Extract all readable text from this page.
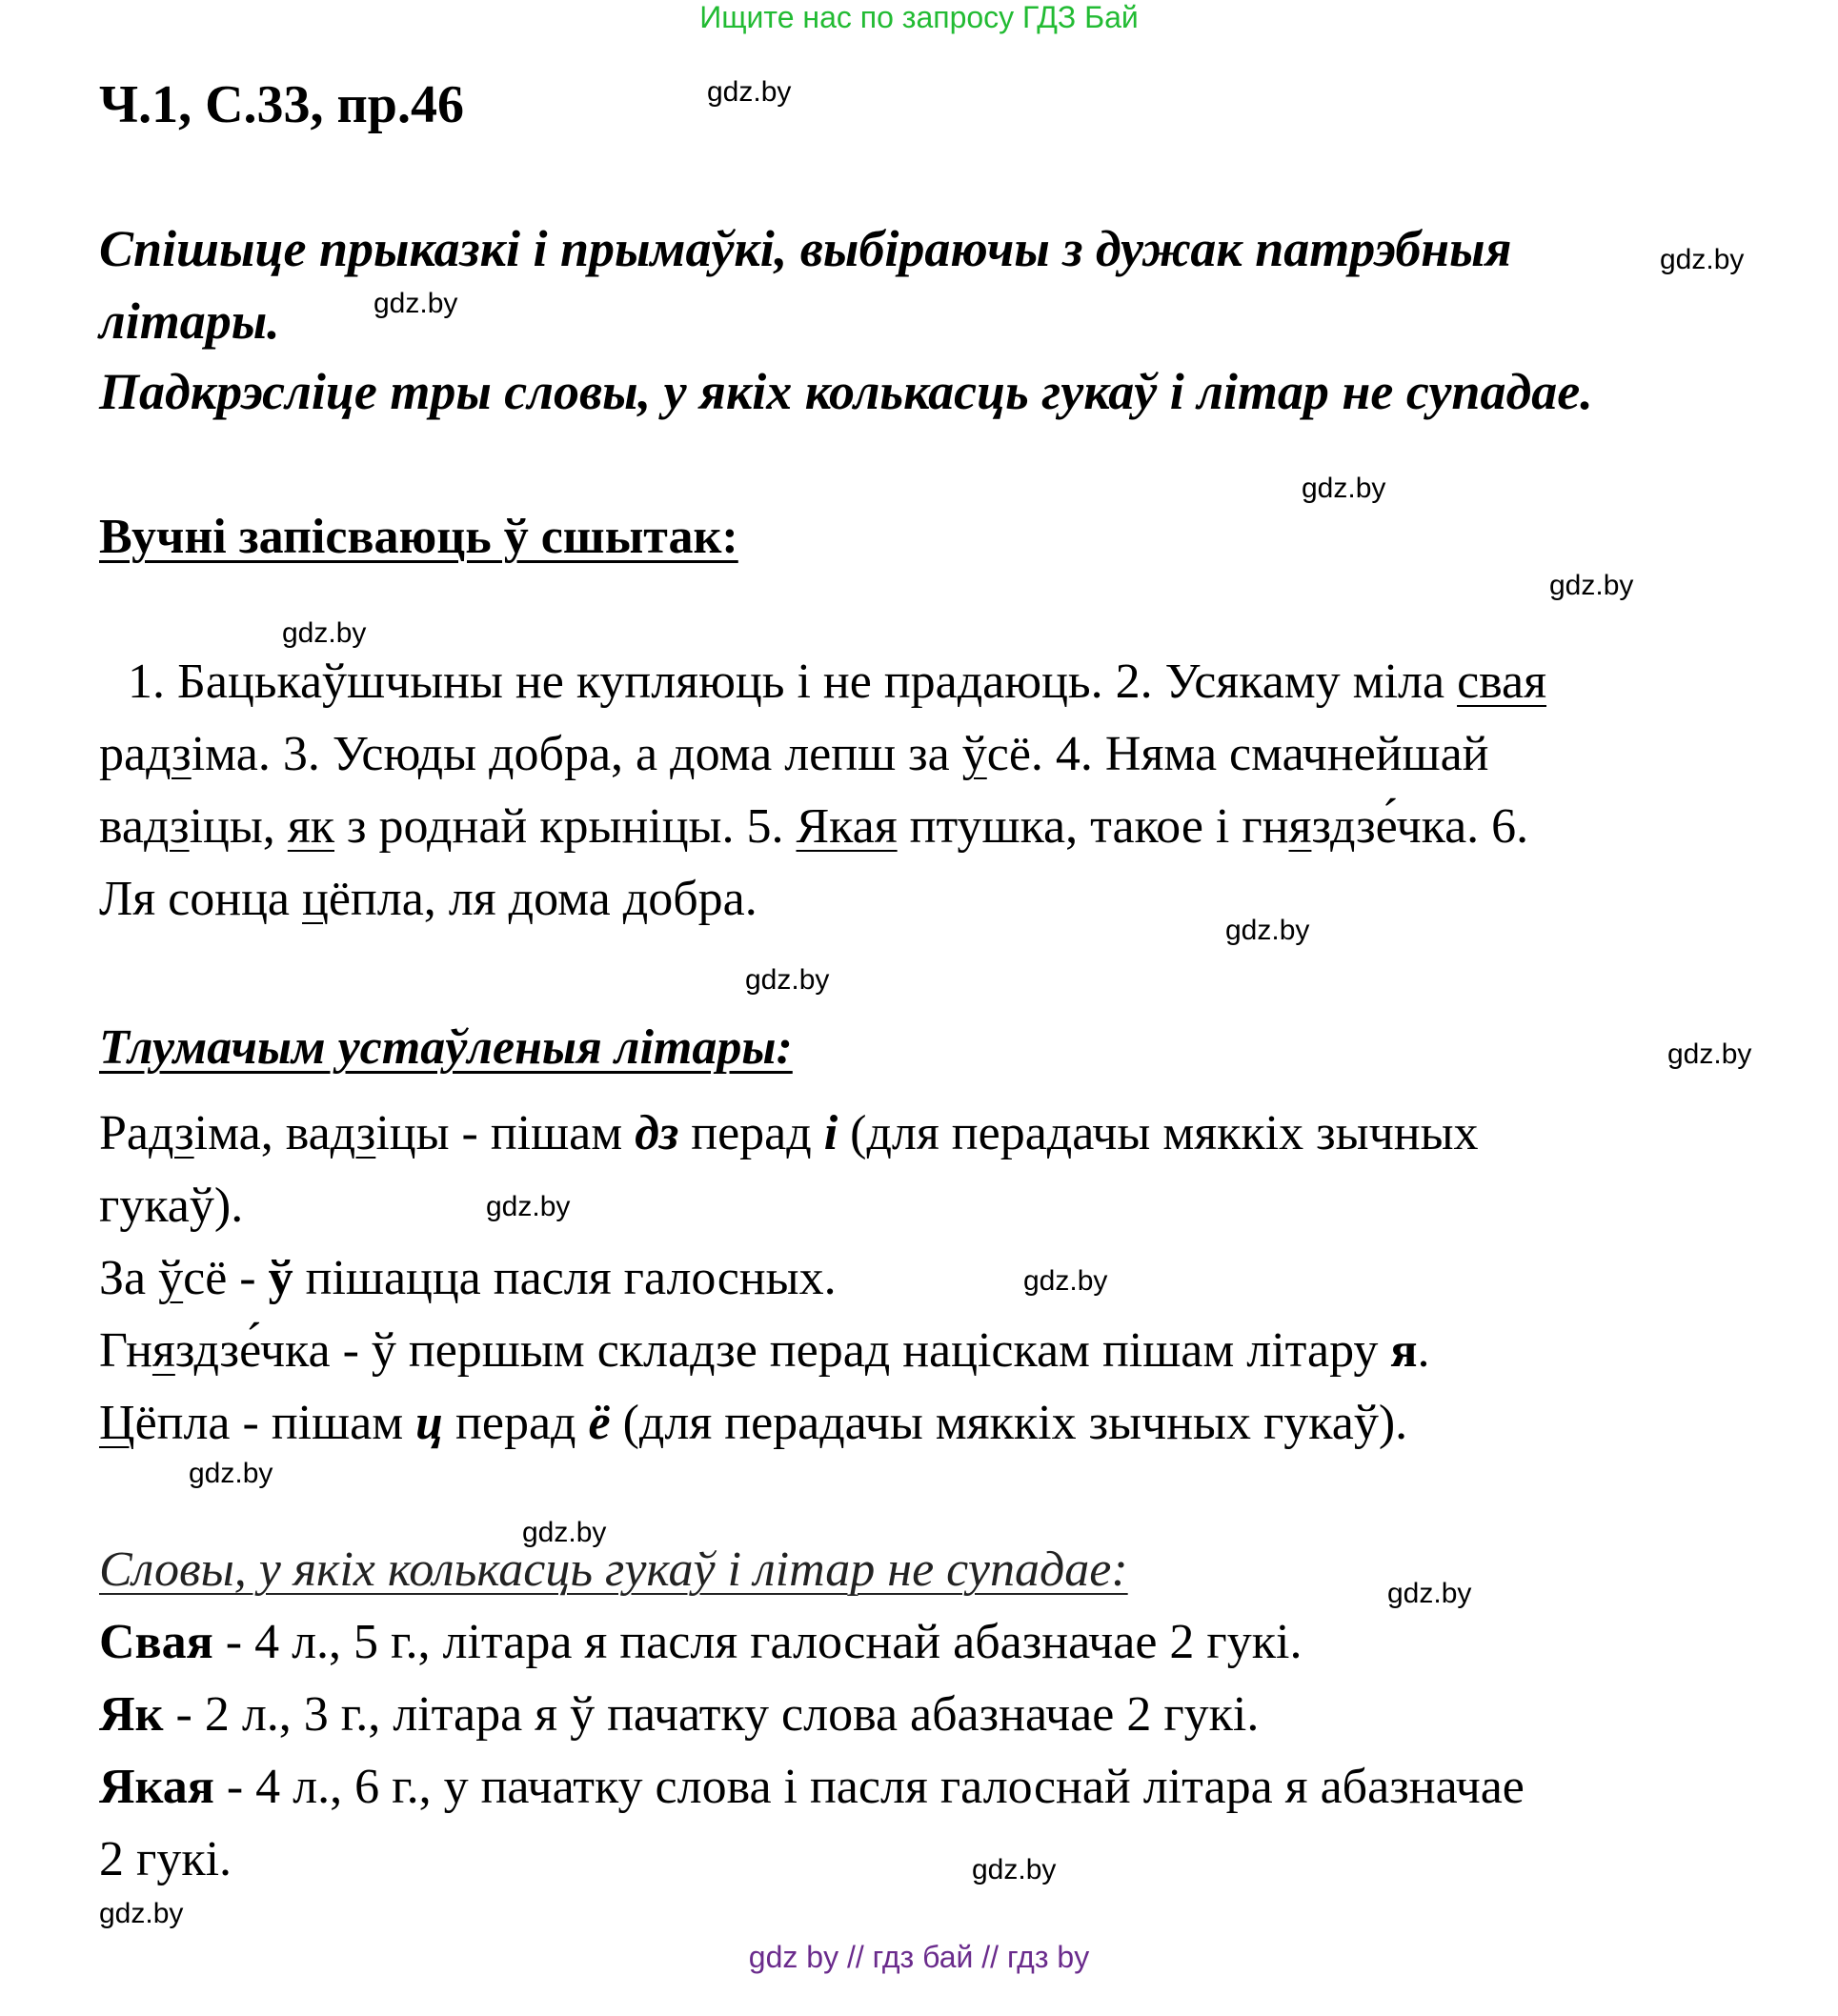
Ищите нас по запросу ГДЗ Бай
Ч.1, С.33, пр.46
Спішыце прыказкі і прымаўкі, выбіраючы з дужак патрэбныя
літары.
Падкрэсліце тры словы, у якіх колькасць гукаў і літар не супадае.
Вучні запісваюць ў сшытак:
1. Бацькаўшчыны не купляюць і не прадаюць. 2. Усякаму міла свая
радзіма. 3. Усюды добра, а дома лепш за ўсё. 4. Няма смачнейшай
вадзіцы, як з роднай крыніцы. 5. Якая птушка, такое і гняздзе ́чка. 6.
Ля сонца цёпла, ля дома добра.
Тлумачым устаўленыя літары:
Радзіма, вадзіцы - пішам дз перад і (для перадачы мяккіх зычных
гукаў).
За ўсё - ў пішацца пасля галосных.
Гняздзе ́чка - ў першым складзе перад націскам пішам літару я.
Цёпла - пішам ц перад ё (для перадачы мяккіх зычных гукаў).
Словы, у якіх колькасць гукаў і літар не супадае:
Свая - 4 л., 5 г., літара я пасля галоснай абазначае 2 гукі.
Як - 2 л., 3 г., літара я ў пачатку слова абазначае 2 гукі.
Якая - 4 л., 6 г., у пачатку слова і пасля галоснай літара я абазначае
2 гукі.
gdz.by
gdz.by
gdz.by
gdz.by
gdz.by
gdz.by
gdz.by
gdz.by
gdz.by
gdz.by
gdz.by
gdz.by
gdz.by
gdz.by
gdz.by
gdz.by
gdz by // гдз бай // гдз by
